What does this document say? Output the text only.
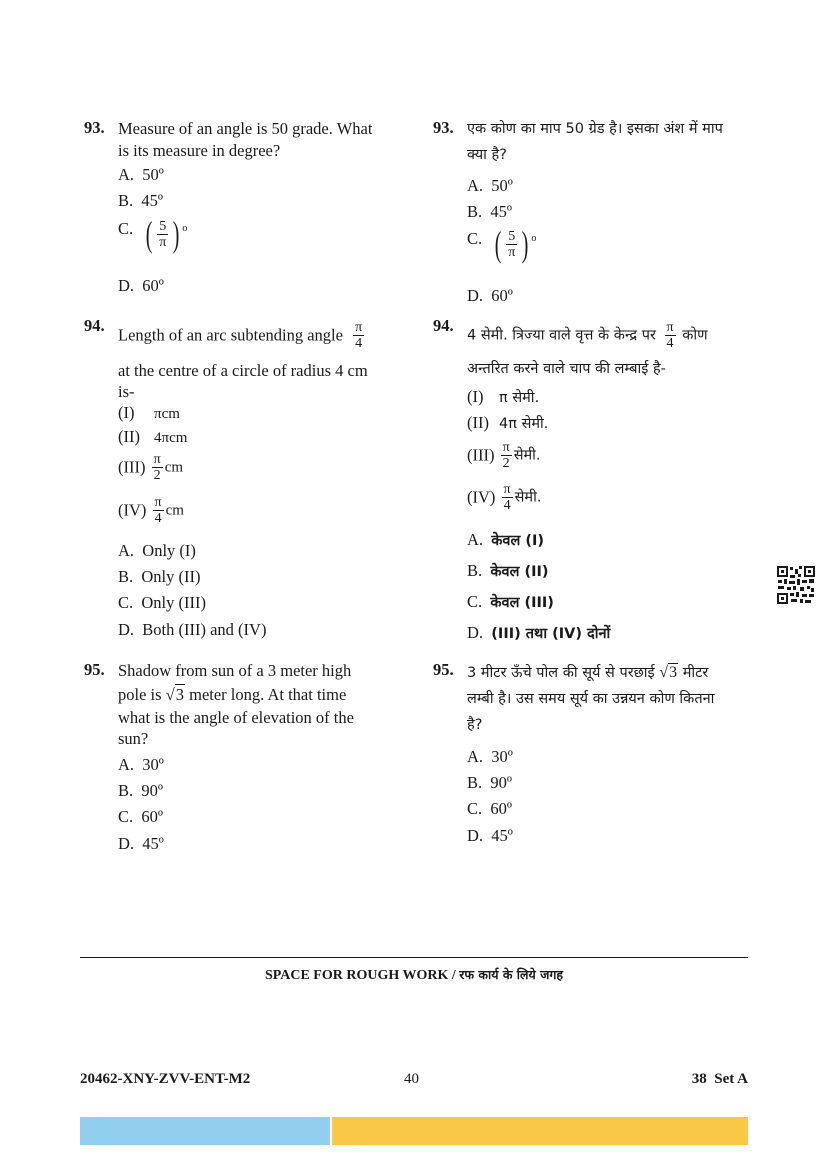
93. Measure of an angle is 50 grade. What
is its measure in degree?
A. 50º
B. 45º
C. ( $\frac{5}{\pi}$ ) $^o$
D. 60º
94. Length of an arc subtending angle $\frac{\pi}{4}$
at the centre of a circle of radius 4 cm
is-
(I) πcm
(II) 4πcm
$(III) \frac{\pi}{2}$ cm
$(IV) \frac{\pi}{4}$ cm
A. Only (I)
B. Only (II)
C. Only (III)
D. Both (III) and (IV)
95. Shadow from sun of a 3 meter high
pole is √3 meter long. At that time
what is the angle of elevation of the
sun?
A. 30º
B. 90º
C. 60º
D. 45º
93. एक कोण का माप 50 ग्रेड है। इसका अंश में माप
क्या है?
A. 50º
B. 45º
C. ( $\frac{5}{\pi}$ ) $^o$
D. 60º
94.
4 सेमी. त्रिज्या वाले वृत्त के केन्द्र पर $\frac{\pi}{4}$ कोण
अन्तरित करने वाले चाप की लम्बाई है-
(I) π सेमी.
(II) 4π सेमी.
$(III) \frac{\pi}{2}$ सेमी.
$(IV) \frac{\pi}{4}$ सेमी.
A. केवल (I)
B. केवल (II)
C. केवल (III)
D. (III) तथा (IV) दोनों
95. 3 मीटर ऊँचे पोल की सूर्य से परछाई √3 मीटर
लम्बी है। उस समय सूर्य का उन्नयन कोण कितना
है?
A. 30º
B. 90º
C. 60º
D. 45º
SPACE FOR ROUGH WORK / रफ कार्य के लिये जगह
20462-XNY-ZVV-ENT-M2	40	38 Set A
